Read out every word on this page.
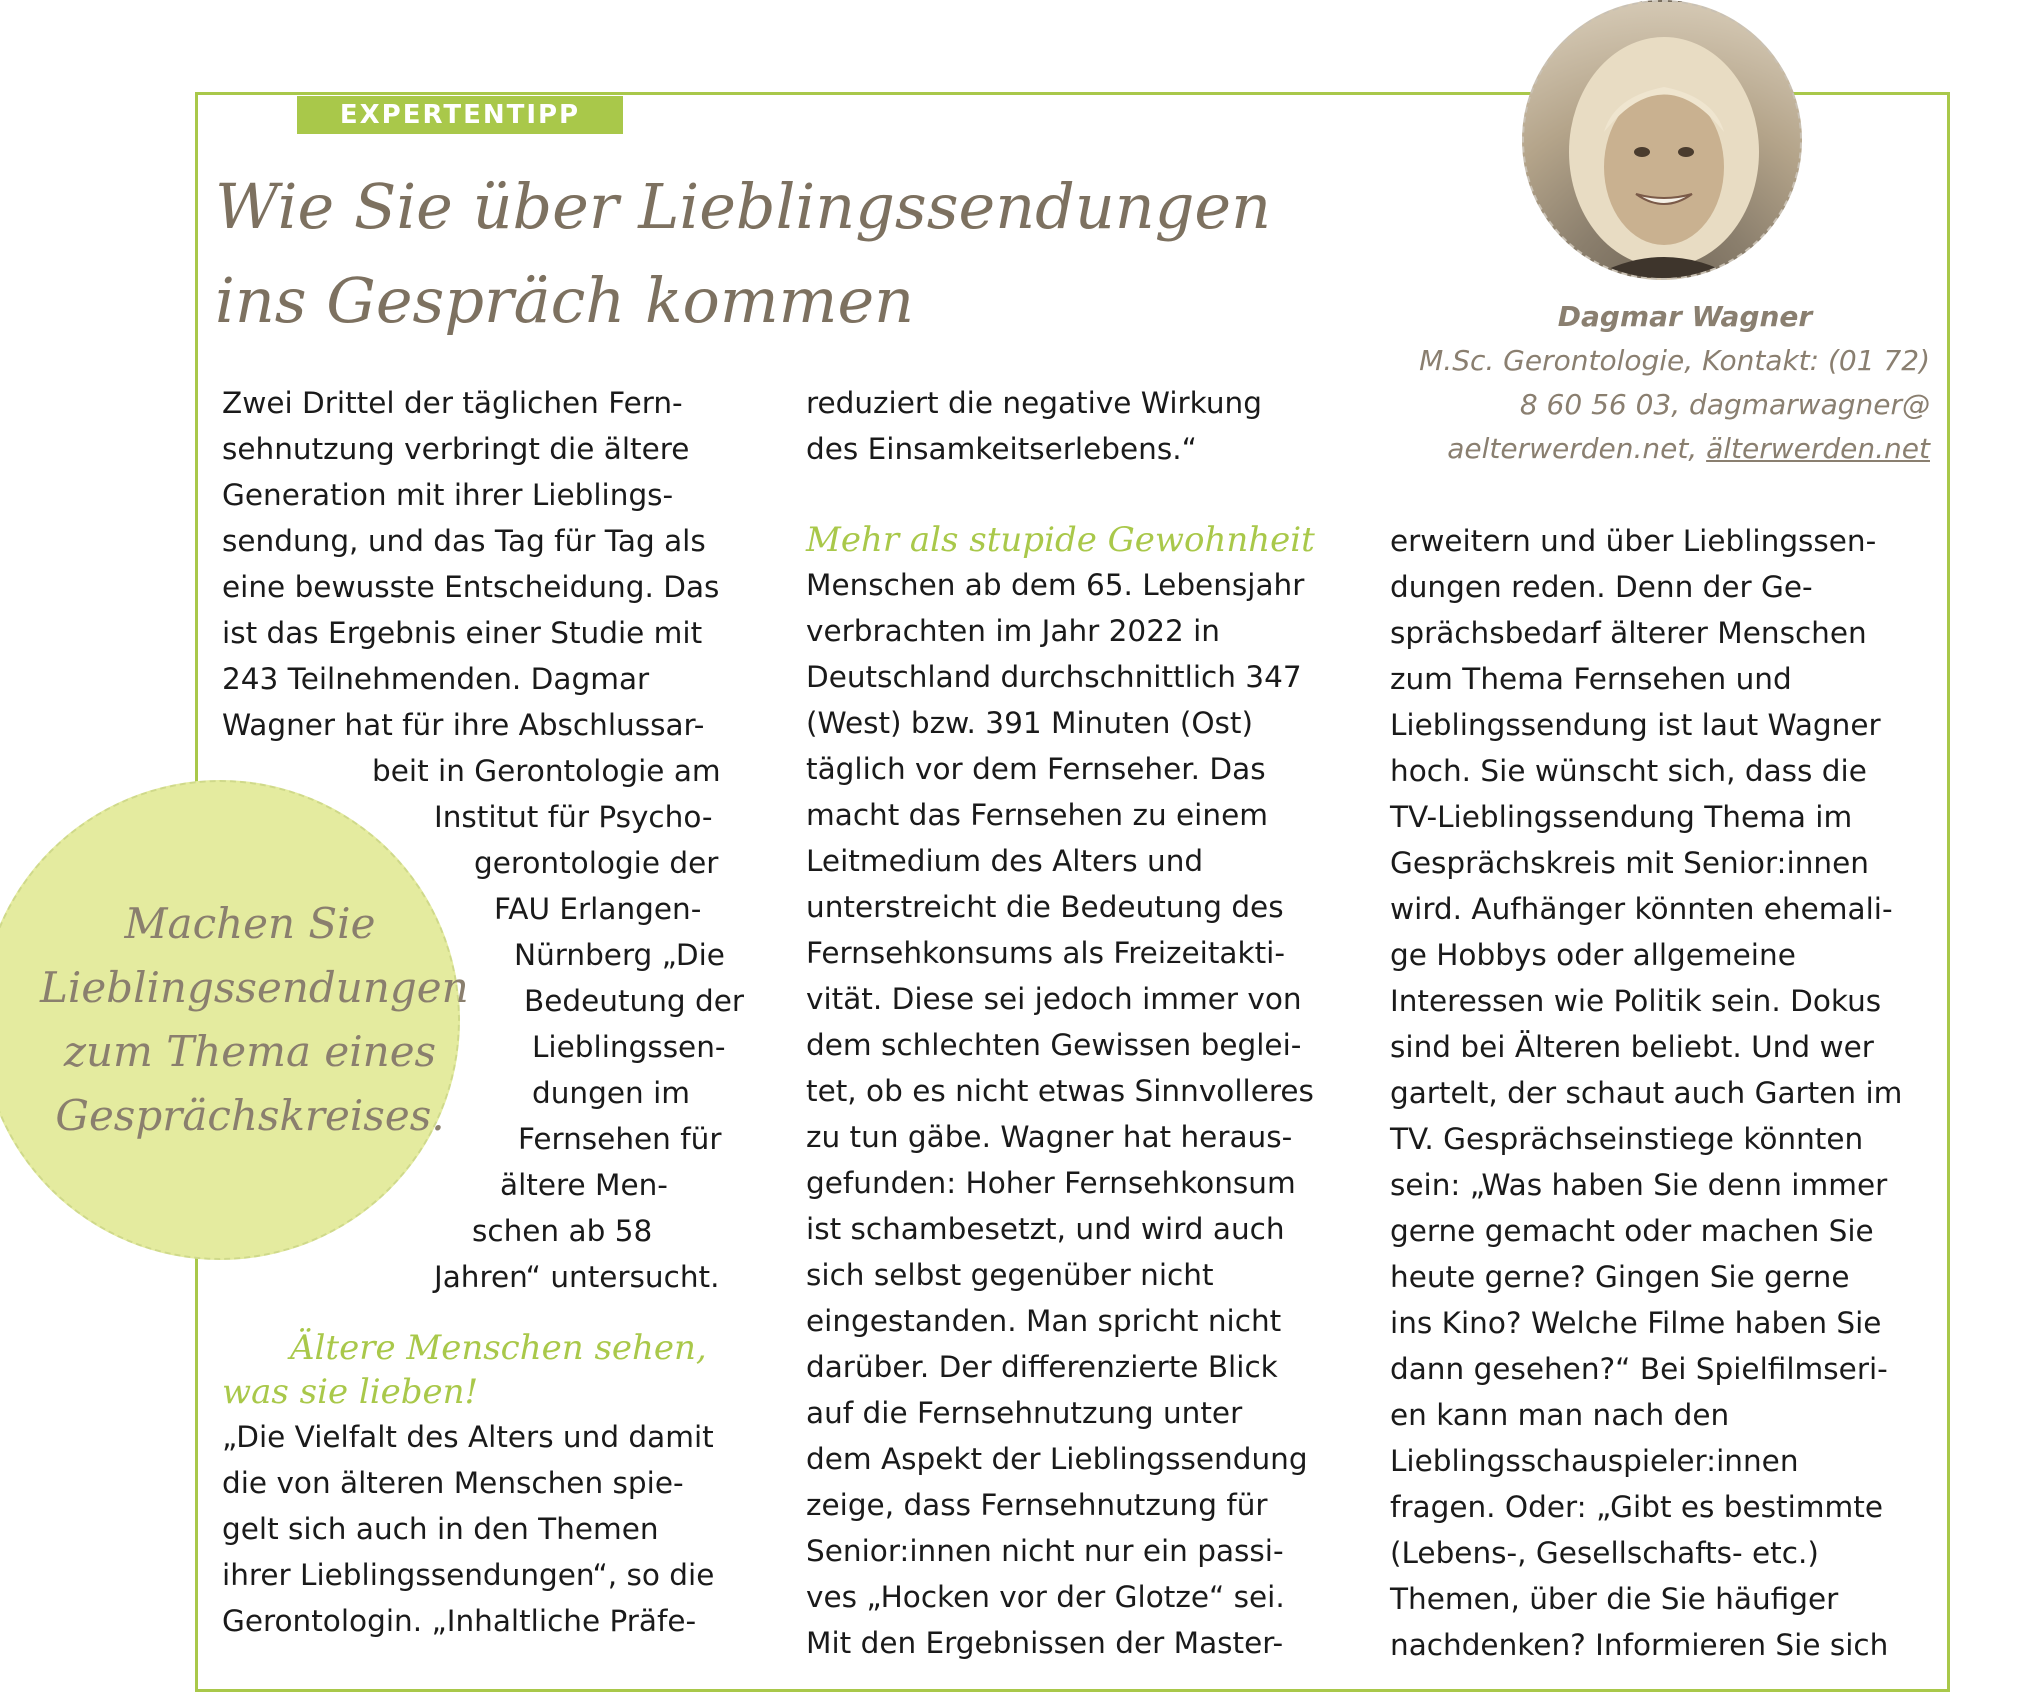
EXPERTENTIPP
Wie Sie über Lieblingssendungen ins Gespräch kommen	Dagmar Wagner
M.Sc. Gerontologie, Kontakt: (01 72)
8 60 56 03, dagmarwagner@
aelterwerden.net, älterwerden.net

Zwei Drittel der täglichen Fern-

sehnutzung verbringt die ältere

Generation mit ihrer Lieblings-

sendung, und das Tag für Tag als

eine bewusste Entscheidung. Das

ist das Ergebnis einer Studie mit

243 Teilnehmenden. Dagmar

Wagner hat für ihre Abschlussar-

beit in Gerontologie am

Institut für Psycho-

gerontologie der

FAU Erlangen-

Nürnberg „Die

Bedeutung der

Lieblingssen-

dungen im

Fernsehen für

ältere Men-

schen ab 58

Jahren“ untersucht.

Ältere Menschen sehen,

was sie lieben!

„Die Vielfalt des Alters und damit

die von älteren Menschen spie-

gelt sich auch in den Themen

ihrer Lieblingssendungen“, so die

Gerontologin. „Inhaltliche Präfe-

reduziert die negative Wirkung

des Einsamkeitserlebens.“

Mehr als stupide Gewohnheit

Menschen ab dem 65. Lebensjahr

verbrachten im Jahr 2022 in

Deutschland durchschnittlich 347

(West) bzw. 391 Minuten (Ost)

täglich vor dem Fernseher. Das

macht das Fernsehen zu einem

Leitmedium des Alters und

unterstreicht die Bedeutung des

Fernsehkonsums als Freizeitakti-

vität. Diese sei jedoch immer von

dem schlechten Gewissen beglei-

tet, ob es nicht etwas Sinnvolleres

zu tun gäbe. Wagner hat heraus-

gefunden: Hoher Fernsehkonsum

ist schambesetzt, und wird auch

sich selbst gegenüber nicht

eingestanden. Man spricht nicht

darüber. Der differenzierte Blick

auf die Fernsehnutzung unter

dem Aspekt der Lieblingssendung

zeige, dass Fernsehnutzung für

Senior:innen nicht nur ein passi-

ves „Hocken vor der Glotze“ sei.

Mit den Ergebnissen der Master-

erweitern und über Lieblingssen-

dungen reden. Denn der Ge-

sprächsbedarf älterer Menschen

zum Thema Fernsehen und

Lieblingssendung ist laut Wagner

hoch. Sie wünscht sich, dass die

TV-Lieblingssendung Thema im

Gesprächskreis mit Senior:innen

wird. Aufhänger könnten ehemali-

ge Hobbys oder allgemeine

Interessen wie Politik sein. Dokus

sind bei Älteren beliebt. Und wer

gartelt, der schaut auch Garten im

TV. Gesprächseinstiege könnten

sein: „Was haben Sie denn immer

gerne gemacht oder machen Sie

heute gerne? Gingen Sie gerne

ins Kino? Welche Filme haben Sie

dann gesehen?“ Bei Spielfilmseri-

en kann man nach den

Lieblingsschauspieler:innen

fragen. Oder: „Gibt es bestimmte

(Lebens-, Gesellschafts- etc.)

Themen, über die Sie häufiger

nachdenken? Informieren Sie sich

Machen Sie Lieblingssendungen zum Thema eines Gesprächskreises.
